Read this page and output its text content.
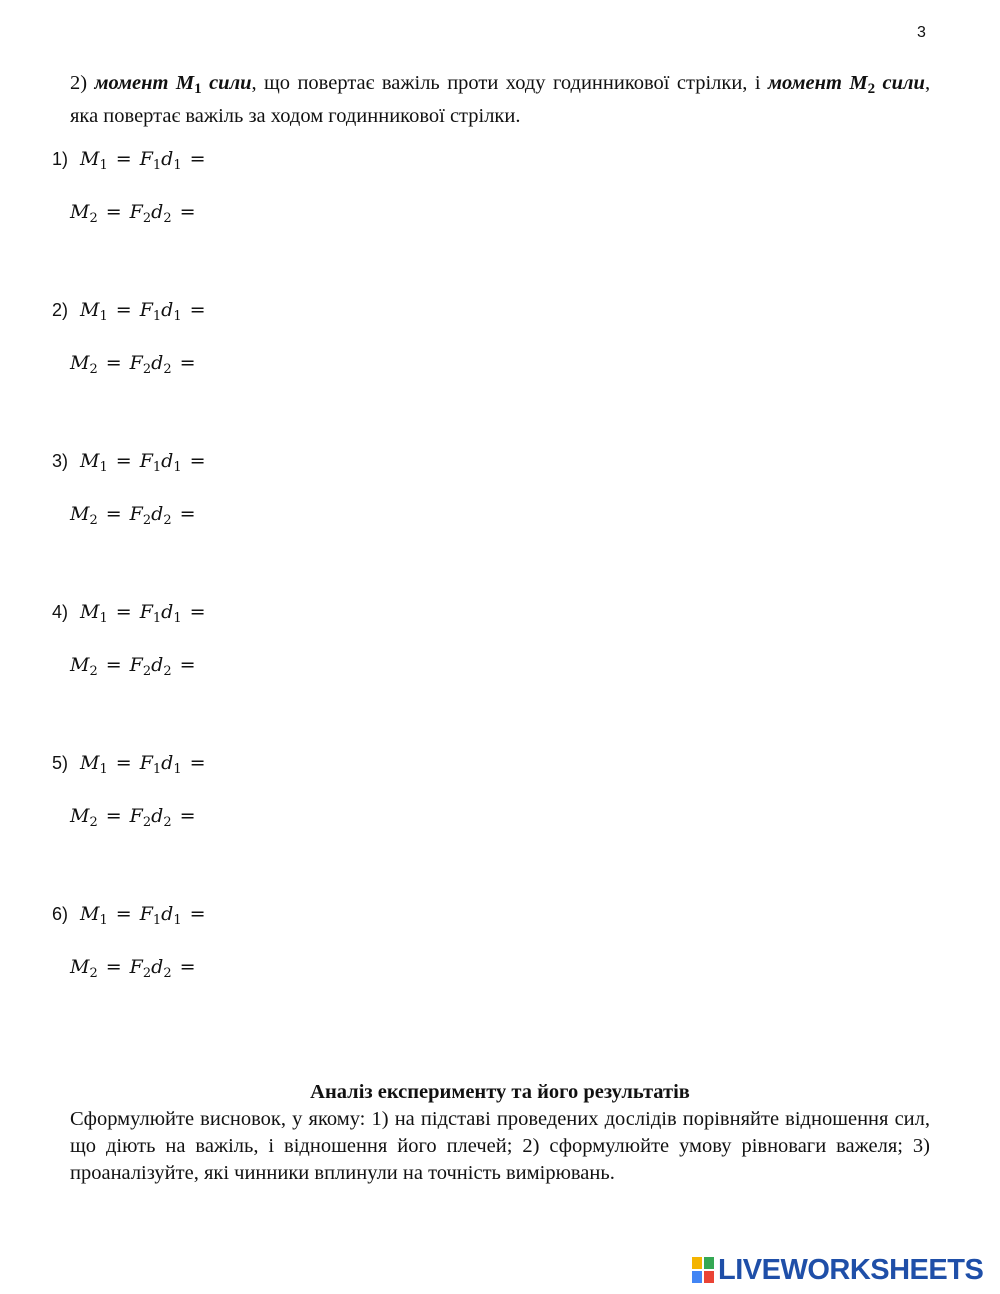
3
2) момент $M_1$ сили, що повертає важіль проти ходу годинникової стрілки, і момент $M_2$ сили, яка повертає важіль за ходом годинникової стрілки.
1) $M_1 = F_1d_1$ =
$M_2 = F_2d_2$ =
2) $M_1 = F_1d_1$ =
$M_2 = F_2d_2$ =
3) $M_1 = F_1d_1$ =
$M_2 = F_2d_2$ =
4) $M_1 = F_1d_1$ =
$M_2 = F_2d_2$ =
5) $M_1 = F_1d_1$ =
$M_2 = F_2d_2$ =
6) $M_1 = F_1d_1$ =
$M_2 = F_2d_2$ =
Аналіз експерименту та його результатів
Сформулюйте висновок, у якому: 1) на підставі проведених дослідів порівняйте відношення сил, що діють на важіль, і відношення його плечей; 2) сформулюйте умову рівноваги важеля; 3) проаналізуйте, які чинники вплинули на точність вимірювань.
LIVEWORKSHEETS
